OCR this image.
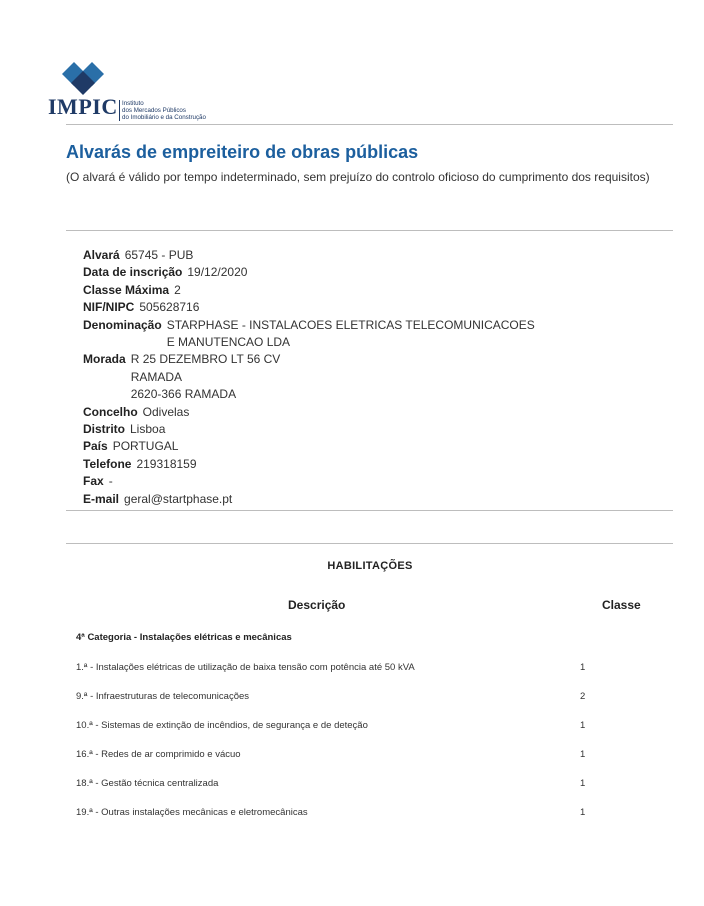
IMPIC Instituto
dos Mercados Públicos
do Imobiliário e da Construção
Alvarás de empreiteiro de obras públicas
(O alvará é válido por tempo indeterminado, sem prejuízo do controlo oficioso do cumprimento dos requisitos)
Alvará 65745 - PUB
Data de inscrição 19/12/2020
Classe Máxima 2
NIF/NIPC 505628716
Denominação STARPHASE - INSTALACOES ELETRICAS TELECOMUNICACOES
E MANUTENCAO LDA
Morada R 25 DEZEMBRO LT 56 CV
RAMADA
2620-366 RAMADA
Concelho Odivelas
Distrito Lisboa
País PORTUGAL
Telefone 219318159
Fax -
E-mail geral@startphase.pt
HABILITAÇÕES
Descrição	Classe
4ª Categoria - Instalações elétricas e mecânicas
1.ª - Instalações elétricas de utilização de baixa tensão com potência até 50 kVA	1
9.ª - Infraestruturas de telecomunicações	2
10.ª - Sistemas de extinção de incêndios, de segurança e de deteção	1
16.ª - Redes de ar comprimido e vácuo	1
18.ª - Gestão técnica centralizada	1
19.ª - Outras instalações mecânicas e eletromecânicas	1
